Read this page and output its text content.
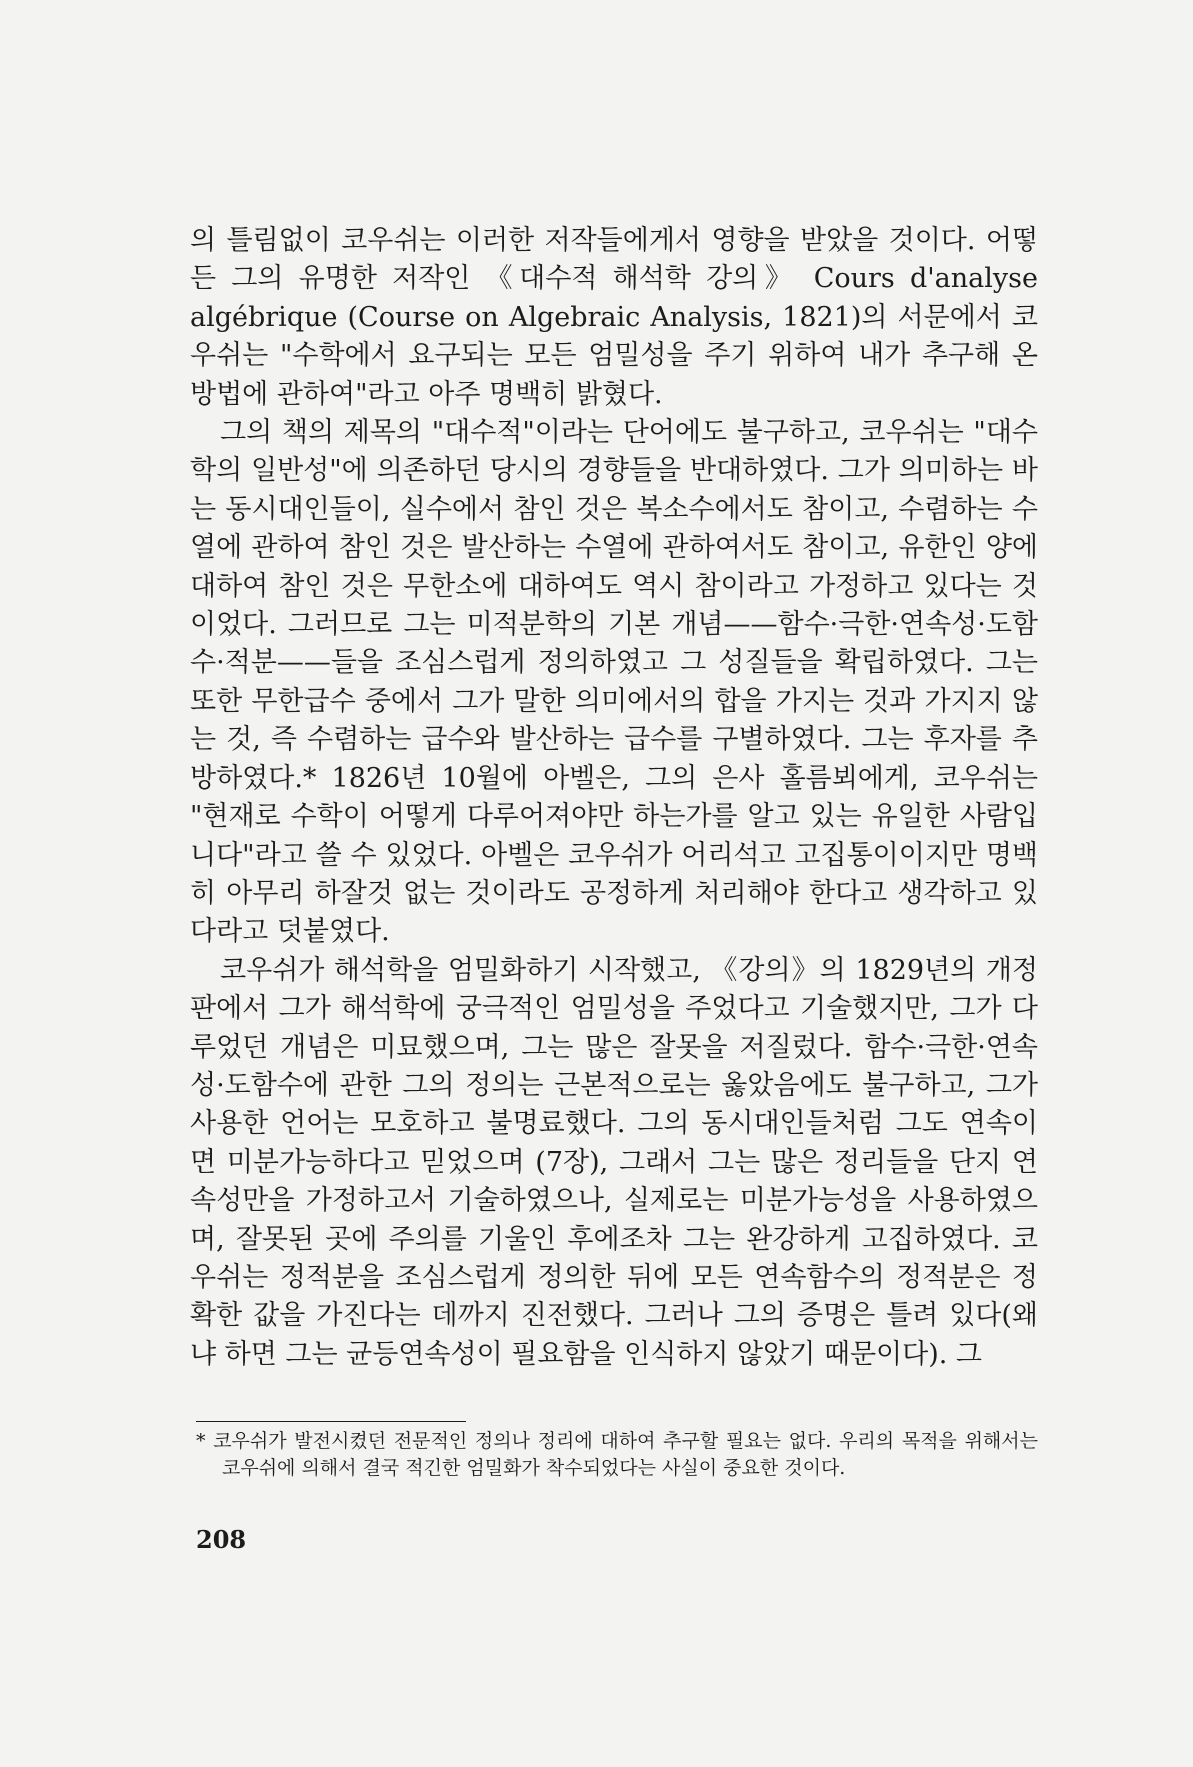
의 틀림없이 코우쉬는 이러한 저작들에게서 영향을 받았을 것이다. 어떻든 그의 유명한 저작인 《대수적 해석학 강의》 Cours d'analyse algébrique (Course on Algebraic Analysis, 1821)의 서문에서 코우쉬는 "수학에서 요구되는 모든 엄밀성을 주기 위하여 내가 추구해 온 방법에 관하여"라고 아주 명백히 밝혔다.

그의 책의 제목의 "대수적"이라는 단어에도 불구하고, 코우쉬는 "대수학의 일반성"에 의존하던 당시의 경향들을 반대하였다. 그가 의미하는 바는 동시대인들이, 실수에서 참인 것은 복소수에서도 참이고, 수렴하는 수열에 관하여 참인 것은 발산하는 수열에 관하여서도 참이고, 유한인 양에 대하여 참인 것은 무한소에 대하여도 역시 참이라고 가정하고 있다는 것이었다. 그러므로 그는 미적분학의 기본 개념——함수·극한·연속성·도함수·적분——들을 조심스럽게 정의하였고 그 성질들을 확립하였다. 그는 또한 무한급수 중에서 그가 말한 의미에서의 합을 가지는 것과 가지지 않는 것, 즉 수렴하는 급수와 발산하는 급수를 구별하였다. 그는 후자를 추방하였다.* 1826년 10월에 아벨은, 그의 은사 홀름뵈에게, 코우쉬는 "현재로 수학이 어떻게 다루어져야만 하는가를 알고 있는 유일한 사람입니다"라고 쓸 수 있었다. 아벨은 코우쉬가 어리석고 고집통이이지만 명백히 아무리 하잘것 없는 것이라도 공정하게 처리해야 한다고 생각하고 있다라고 덧붙였다.

코우쉬가 해석학을 엄밀화하기 시작했고, 《강의》의 1829년의 개정판에서 그가 해석학에 궁극적인 엄밀성을 주었다고 기술했지만, 그가 다루었던 개념은 미묘했으며, 그는 많은 잘못을 저질렀다. 함수·극한·연속성·도함수에 관한 그의 정의는 근본적으로는 옳았음에도 불구하고, 그가 사용한 언어는 모호하고 불명료했다. 그의 동시대인들처럼 그도 연속이면 미분가능하다고 믿었으며 (7장), 그래서 그는 많은 정리들을 단지 연속성만을 가정하고서 기술하였으나, 실제로는 미분가능성을 사용하였으며, 잘못된 곳에 주의를 기울인 후에조차 그는 완강하게 고집하였다. 코우쉬는 정적분을 조심스럽게 정의한 뒤에 모든 연속함수의 정적분은 정확한 값을 가진다는 데까지 진전했다. 그러나 그의 증명은 틀려 있다(왜냐 하면 그는 균등연속성이 필요함을 인식하지 않았기 때문이다). 그

* 코우쉬가 발전시켰던 전문적인 정의나 정리에 대하여 추구할 필요는 없다. 우리의 목적을 위해서는 코우쉬에 의해서 결국 적긴한 엄밀화가 착수되었다는 사실이 중요한 것이다.

208
